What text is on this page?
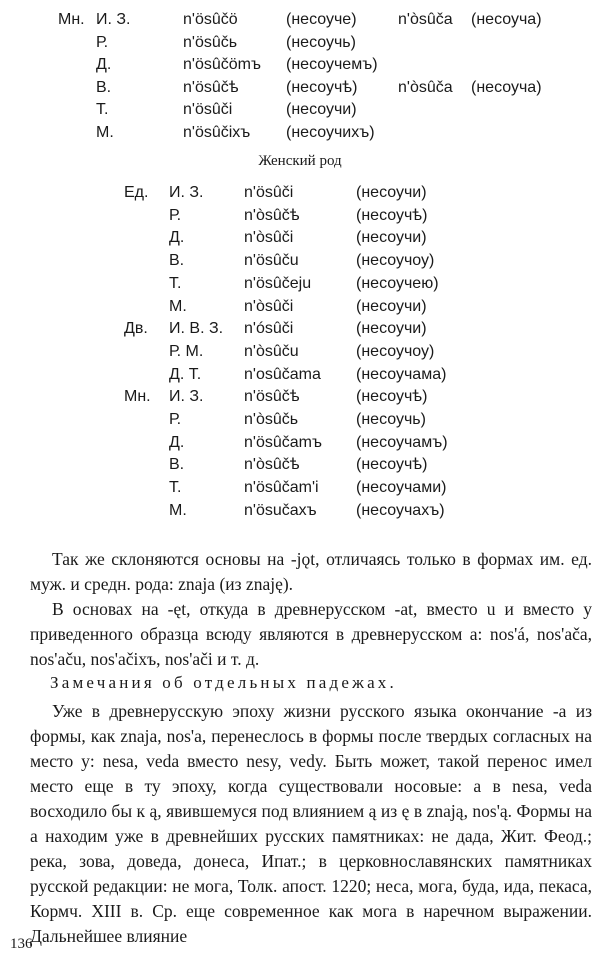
Мн. И. З.	n'ösûčö	(несоуче)	n'òsûča (несоуча)
Р.	n'ösûčь	(несоучь)
Д.	n'ösûčömъ (несоучемъ)
В.	n'ösûčѣ	(несоучѣ)	n'òsûča (несоуча)
Т.	n'ösûči	(несоучи)
М.	n'ösûčixъ (несоучихъ)
Женский род
Ед. И. З.	n'ösûči	(несоучи)
Р.	n'òsûčѣ	(несоучѣ)
Д.	n'òsûči	(несоучи)
В.	n'ösûču	(несоучоу)
Т.	n'ösûčeju	(несоучею)
М.	n'òsûči	(несоучи)
Дв. И. В. З. n'ósûči	(несоучи)
Р. М.	n'òsûču	(несоучоу)
Д. Т.	n'osûčama (несоучама)
Мн. И. З.	n'ösûčѣ	(несоучѣ)
Р.	n'òsûčь	(несоучь)
Д.	n'ösûčamъ (несоучамъ)
В.	n'òsûčѣ	(несоучѣ)
Т.	n'ösûčam'i (несоучами)
М.	n'ösučахъ (несоучахъ)

Так же склоняются основы на -jǫt, отличаясь только в формах им. ед. муж. и средн. рода: znaja (из znaję).

В основах на -ęt, откуда в древнерусском -at, вместо u и вместо y приведенного образца всюду являются в древнерусском a: nos'á, nos'аčа, nos'аču, nos'ačixъ, nos'ači и т. д.

Замечания об отдельных падежах.

Уже в древнерусскую эпоху жизни русского языка окончание -a из формы, как znaja, nos'a, перенеслось в формы после твердых согласных на место y: nesa, veda вместо nesy, vedy. Быть может, такой перенос имел место еще в ту эпоху, когда существовали носовые: a в nesa, veda восходило бы к ą, явившемуся под влиянием ą из ę в znają, nos'ą. Формы на a находим уже в древнейших русских памятниках: не дада, Жит. Феод.; река, зова, доведа, донеса, Ипат.; в церковнославянских памятниках русской редакции: не мога, Толк. апост. 1220; неса, мога, буда, ида, пекаса, Кормч. XIII в. Ср. еще современное как мога в наречном выражении. Дальнейшее влияние

136
